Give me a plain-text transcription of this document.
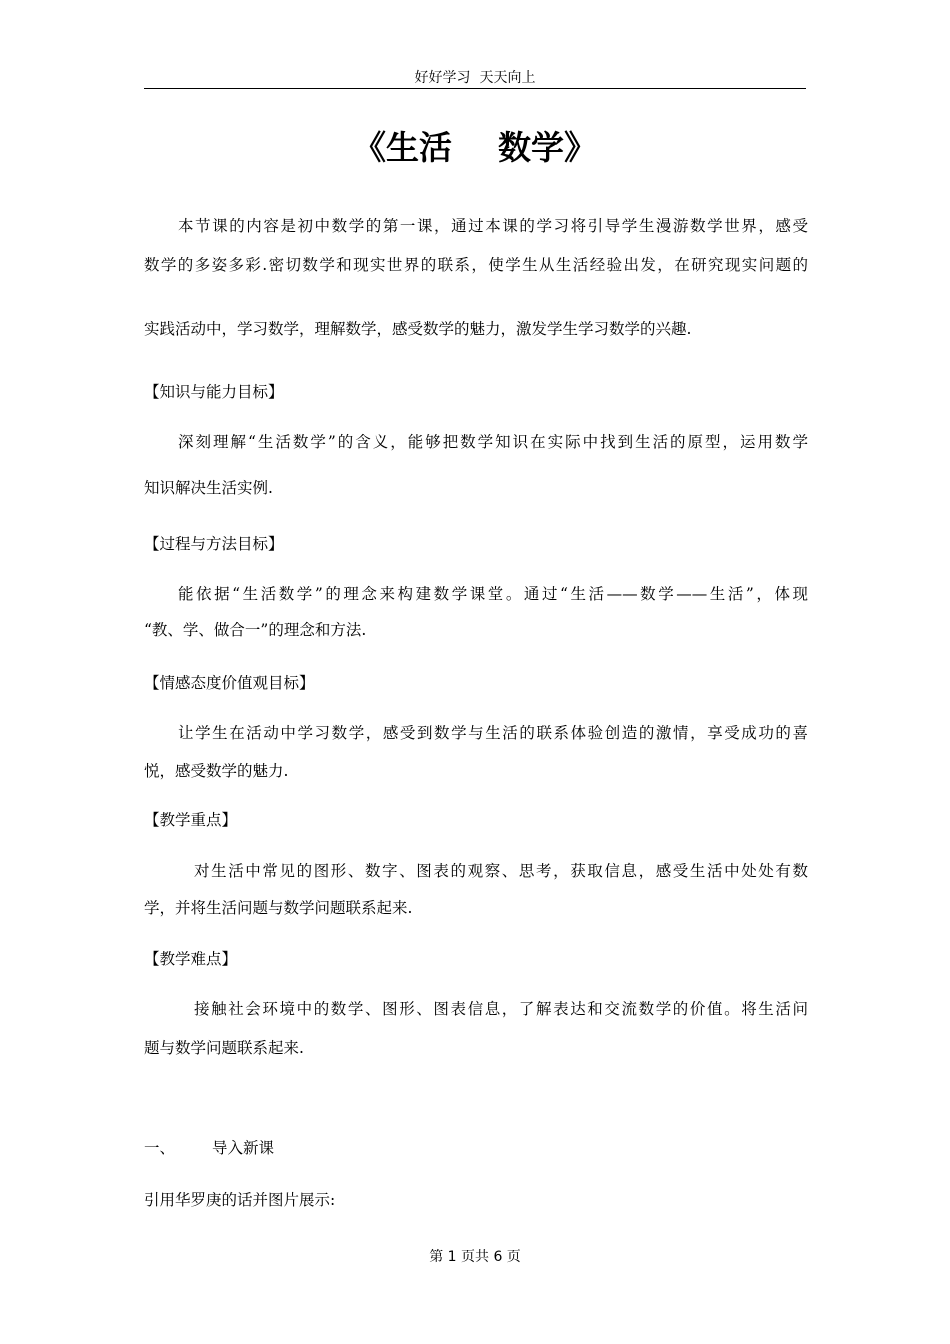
好好学习  天天向上
《生活    数学》
本节课的内容是初中数学的第一课，通过本课的学习将引导学生漫游数学世界，感受
数学的多姿多彩.密切数学和现实世界的联系，使学生从生活经验出发，在研究现实问题的
实践活动中，学习数学，理解数学，感受数学的魅力，激发学生学习数学的兴趣.
【知识与能力目标】
深刻理解“生活数学”的含义，能够把数学知识在实际中找到生活的原型，运用数学
知识解决生活实例.
【过程与方法目标】
能依据“生活数学”的理念来构建数学课堂。通过“生活——数学——生活”，体现
“教、学、做合一”的理念和方法.
【情感态度价值观目标】
让学生在活动中学习数学，感受到数学与生活的联系体验创造的激情，享受成功的喜
悦，感受数学的魅力.
【教学重点】
对生活中常见的图形、数字、图表的观察、思考，获取信息，感受生活中处处有数
学，并将生活问题与数学问题联系起来.
【教学难点】
接触社会环境中的数学、图形、图表信息，了解表达和交流数学的价值。将生活问
题与数学问题联系起来.
一、 导入新课
引用华罗庚的话并图片展示:
第 1 页共 6 页
